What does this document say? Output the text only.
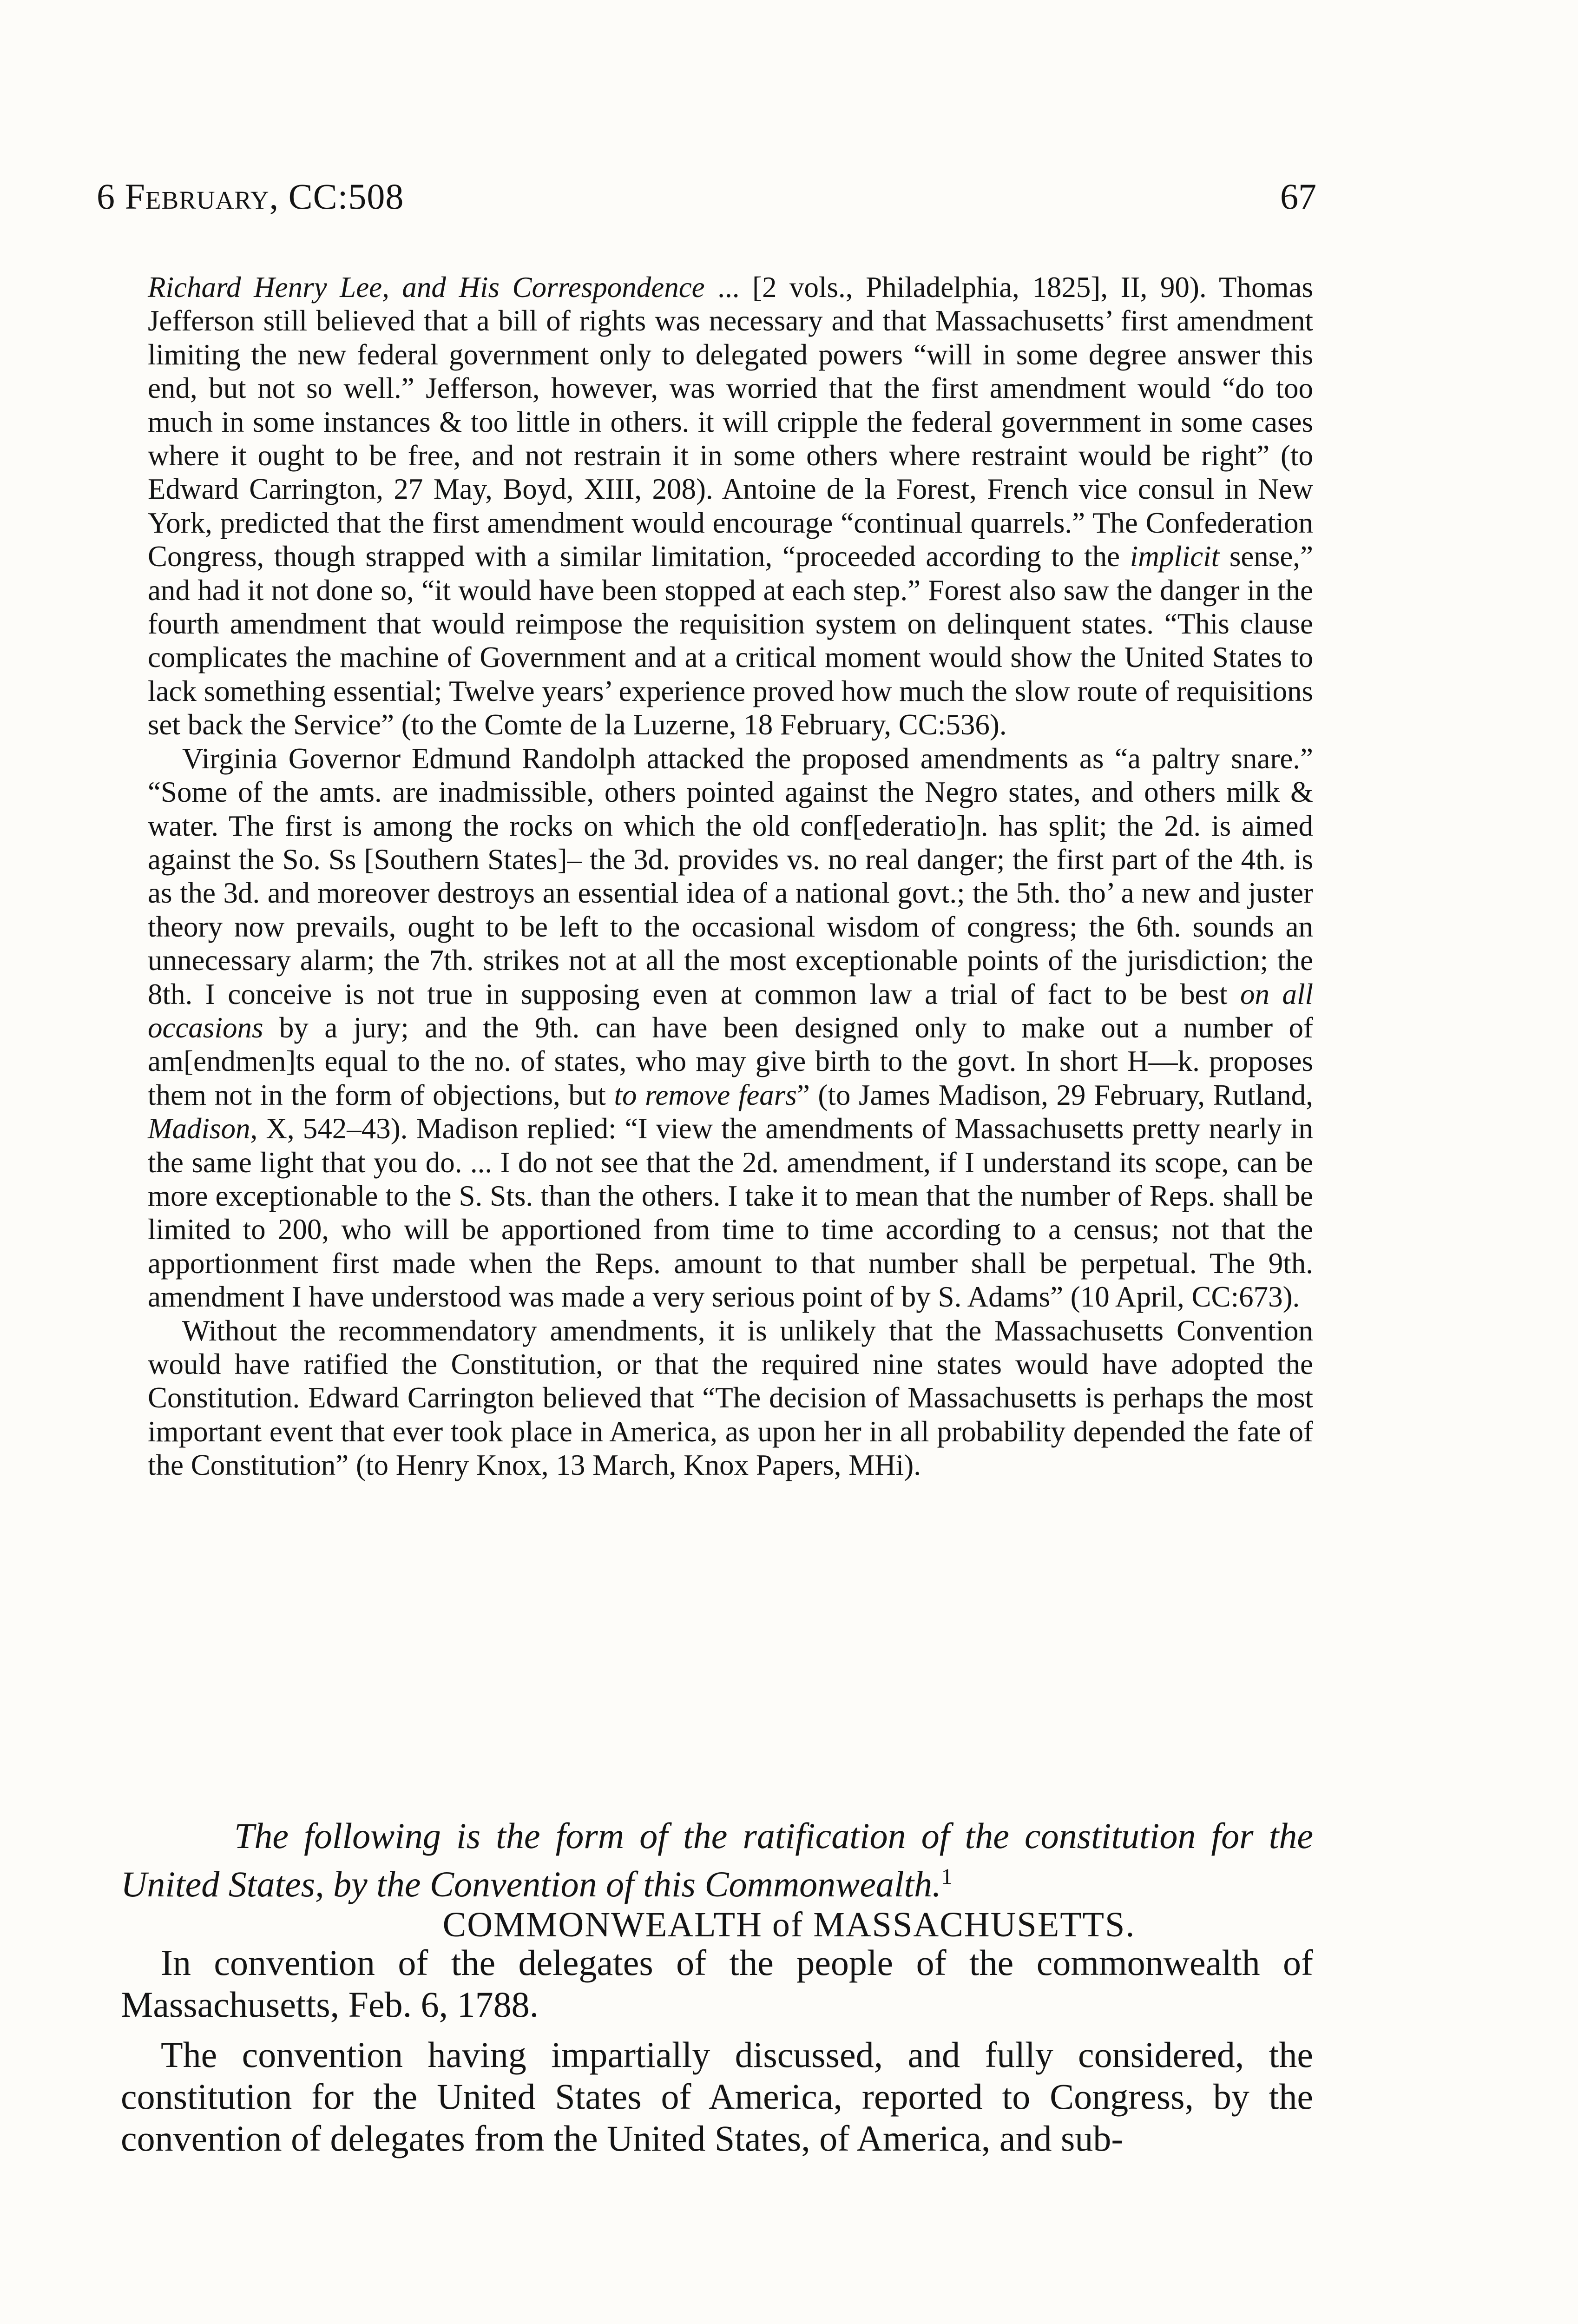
6 February, CC:508	67

Richard Henry Lee, and His Correspondence ... [2 vols., Philadelphia, 1825], II, 90). Thomas Jefferson still believed that a bill of rights was necessary and that Massachusetts’ first amendment limiting the new federal government only to delegated powers “will in some degree answer this end, but not so well.” Jefferson, however, was worried that the first amendment would “do too much in some instances & too little in others. it will cripple the federal government in some cases where it ought to be free, and not restrain it in some others where restraint would be right” (to Edward Carrington, 27 May, Boyd, XIII, 208). Antoine de la Forest, French vice consul in New York, predicted that the first amendment would encourage “continual quarrels.” The Confederation Congress, though strapped with a similar limitation, “proceeded according to the implicit sense,” and had it not done so, “it would have been stopped at each step.” Forest also saw the danger in the fourth amendment that would reimpose the requisition system on delinquent states. “This clause complicates the machine of Government and at a critical moment would show the United States to lack something essential; Twelve years’ experience proved how much the slow route of requisitions set back the Service” (to the Comte de la Luzerne, 18 February, CC:536).

Virginia Governor Edmund Randolph attacked the proposed amendments as “a paltry snare.” “Some of the amts. are inadmissible, others pointed against the Negro states, and others milk & water. The first is among the rocks on which the old conf[ederatio]n. has split; the 2d. is aimed against the So. Ss [Southern States]– the 3d. provides vs. no real danger; the first part of the 4th. is as the 3d. and moreover destroys an essential idea of a national govt.; the 5th. tho’ a new and juster theory now prevails, ought to be left to the occasional wisdom of congress; the 6th. sounds an unnecessary alarm; the 7th. strikes not at all the most exceptionable points of the jurisdiction; the 8th. I conceive is not true in supposing even at common law a trial of fact to be best on all occasions by a jury; and the 9th. can have been designed only to make out a number of am[endmen]ts equal to the no. of states, who may give birth to the govt. In short H—k. proposes them not in the form of objections, but to remove fears” (to James Madison, 29 February, Rutland, Madison, X, 542–43). Madison replied: “I view the amendments of Massachusetts pretty nearly in the same light that you do. ... I do not see that the 2d. amendment, if I understand its scope, can be more exceptionable to the S. Sts. than the others. I take it to mean that the number of Reps. shall be limited to 200, who will be apportioned from time to time according to a census; not that the apportionment first made when the Reps. amount to that number shall be perpetual. The 9th. amendment I have understood was made a very serious point of by S. Adams” (10 April, CC:673).

Without the recommendatory amendments, it is unlikely that the Massachusetts Convention would have ratified the Constitution, or that the required nine states would have adopted the Constitution. Edward Carrington believed that “The decision of Massachusetts is perhaps the most important event that ever took place in America, as upon her in all probability depended the fate of the Constitution” (to Henry Knox, 13 March, Knox Papers, MHi).

The following is the form of the ratification of the constitution for the United States, by the Convention of this Commonwealth.$^1$
COMMONWEALTH of MASSACHUSETTS.

In convention of the delegates of the people of the commonwealth of Massachusetts, Feb. 6, 1788.

The convention having impartially discussed, and fully considered, the constitution for the United States of America, reported to Congress, by the convention of delegates from the United States, of America, and sub-
